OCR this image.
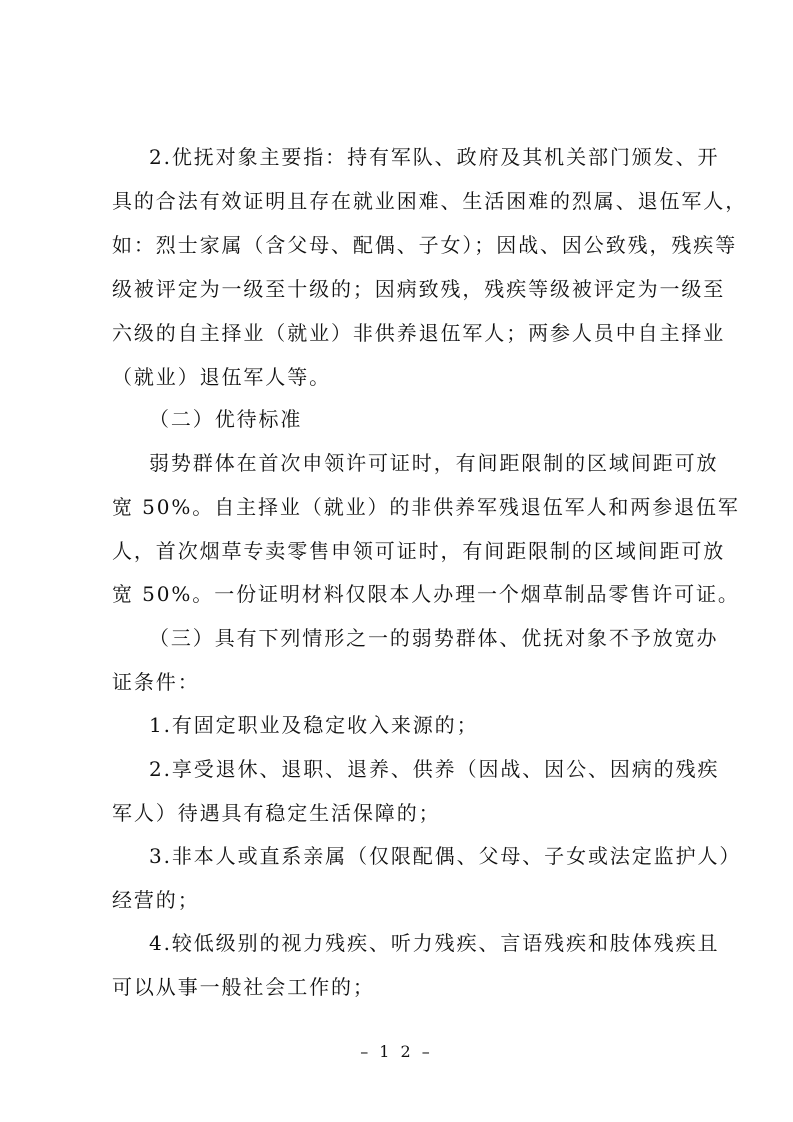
2.优抚对象主要指：持有军队、政府及其机关部门颁发、开
具的合法有效证明且存在就业困难、生活困难的烈属、退伍军人，
如：烈士家属（含父母、配偶、子女）；因战、因公致残，残疾等
级被评定为一级至十级的；因病致残，残疾等级被评定为一级至
六级的自主择业（就业）非供养退伍军人；两参人员中自主择业
（就业）退伍军人等。
（二）优待标准
弱势群体在首次申领许可证时，有间距限制的区域间距可放
宽 50%。自主择业（就业）的非供养军残退伍军人和两参退伍军
人，首次烟草专卖零售申领可证时，有间距限制的区域间距可放
宽 50%。一份证明材料仅限本人办理一个烟草制品零售许可证。
（三）具有下列情形之一的弱势群体、优抚对象不予放宽办
证条件：
1.有固定职业及稳定收入来源的；
2.享受退休、退职、退养、供养（因战、因公、因病的残疾
军人）待遇具有稳定生活保障的；
3.非本人或直系亲属（仅限配偶、父母、子女或法定监护人）
经营的；
4.较低级别的视力残疾、听力残疾、言语残疾和肢体残疾且
可以从事一般社会工作的；
– 1 2 –
